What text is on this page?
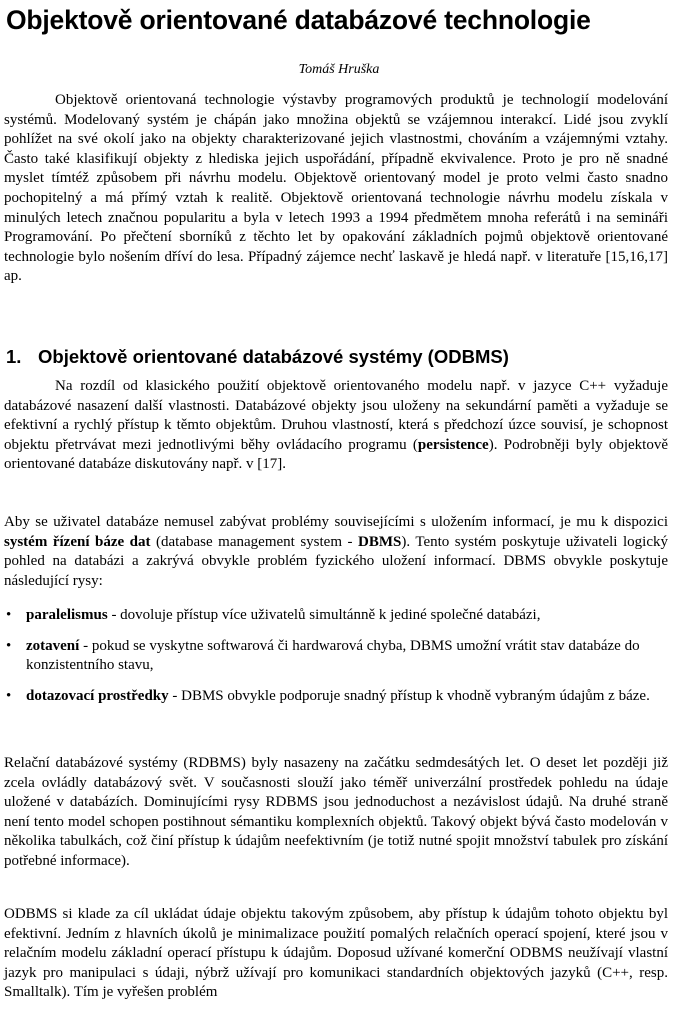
Objektově orientované databázové technologie
Tomáš Hruška

Objektově orientovaná technologie výstavby programových produktů je technologií modelování systémů. Modelovaný systém je chápán jako množina objektů se vzájemnou interakcí. Lidé jsou zvyklí pohlížet na své okolí jako na objekty charakterizované jejich vlastnostmi, chováním a vzájemnými vztahy. Často také klasifikují objekty z hlediska jejich uspořádání, případně ekvivalence. Proto je pro ně snadné myslet tímtéž způsobem při návrhu modelu. Objektově orientovaný model je proto velmi často snadno pochopitelný a má přímý vztah k realitě. Objektově orientovaná technologie návrhu modelu získala v minulých letech značnou popularitu a byla v letech 1993 a 1994 předmětem mnoha referátů i na semináři Programování. Po přečtení sborníků z těchto let by opakování základních pojmů objektově orientované technologie bylo nošením dříví do lesa. Případný zájemce nechť laskavě je hledá např. v literatuře [15,16,17] ap.

1. Objektově orientované databázové systémy (ODBMS)

Na rozdíl od klasického použití objektově orientovaného modelu např. v jazyce C++ vyžaduje databázové nasazení další vlastnosti. Databázové objekty jsou uloženy na sekundární paměti a vyžaduje se efektivní a rychlý přístup k těmto objektům. Druhou vlastností, která s předchozí úzce souvisí, je schopnost objektu přetrvávat mezi jednotlivými běhy ovládacího programu (persistence). Podrobněji byly objektově orientované databáze diskutovány např. v [17].

Aby se uživatel databáze nemusel zabývat problémy souvisejícími s uložením informací, je mu k dispozici systém řízení báze dat (database management system - DBMS). Tento systém poskytuje uživateli logický pohled na databázi a zakrývá obvykle problém fyzického uložení informací. DBMS obvykle poskytuje následující rysy:

• paralelismus - dovoluje přístup více uživatelů simultánně k jediné společné databázi,
• zotavení - pokud se vyskytne softwarová či hardwarová chyba, DBMS umožní vrátit stav databáze do konzistentního stavu,
• dotazovací prostředky - DBMS obvykle podporuje snadný přístup k vhodně vybraným údajům z báze.

Relační databázové systémy (RDBMS) byly nasazeny na začátku sedmdesátých let. O deset let později již zcela ovládly databázový svět. V současnosti slouží jako téměř univerzální prostředek pohledu na údaje uložené v databázích. Dominujícími rysy RDBMS jsou jednoduchost a nezávislost údajů. Na druhé straně není tento model schopen postihnout sémantiku komplexních objektů. Takový objekt bývá často modelován v několika tabulkách, což činí přístup k údajům neefektivním (je totiž nutné spojit množství tabulek pro získání potřebné informace).

ODBMS si klade za cíl ukládat údaje objektu takovým způsobem, aby přístup k údajům tohoto objektu byl efektivní. Jedním z hlavních úkolů je minimalizace použití pomalých relačních operací spojení, které jsou v relačním modelu základní operací přístupu k údajům. Doposud užívané komerční ODBMS neužívají vlastní jazyk pro manipulaci s údaji, nýbrž užívají pro komunikaci standardních objektových jazyků (C++, resp. Smalltalk). Tím je vyřešen problém
